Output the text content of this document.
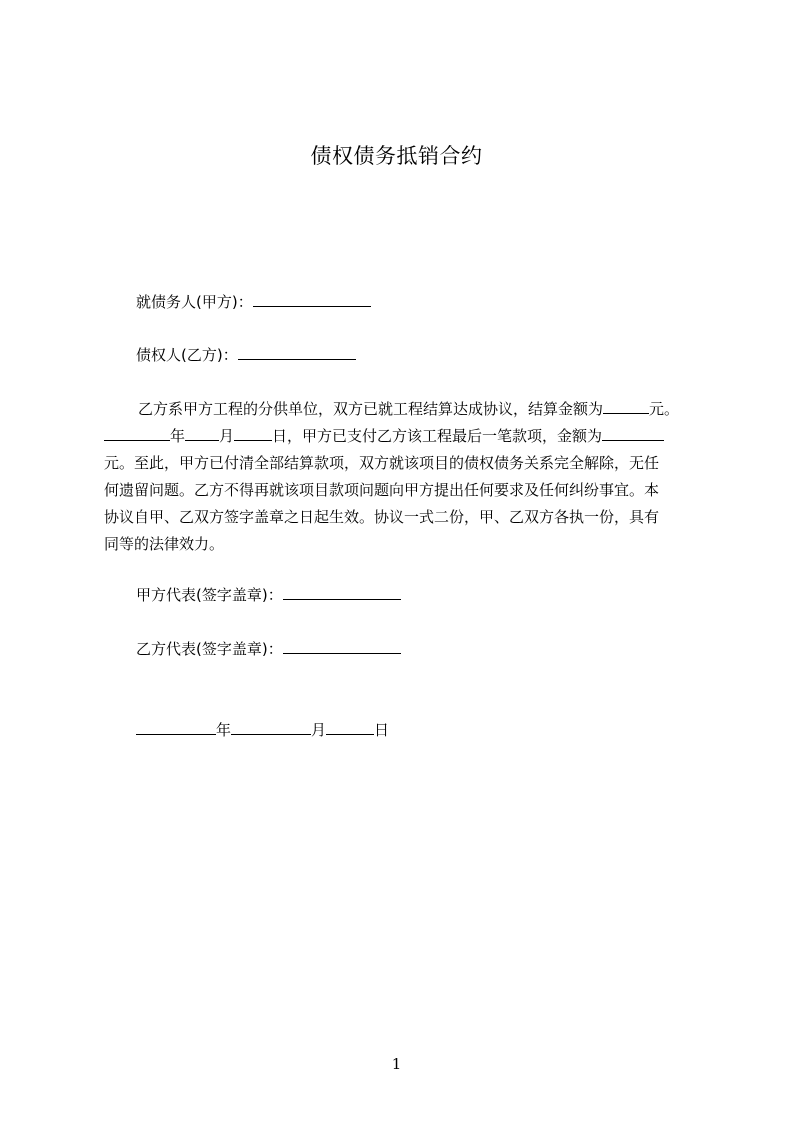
债权债务抵销合约
就债务人(甲方)：
债权人(乙方)：
乙方系甲方工程的分供单位，双方已就工程结算达成协议，结算金额为	元。
年 月	日，甲方已支付乙方该工程最后一笔款项，金额为
元。至此，甲方已付清全部结算款项，双方就该项目的债权债务关系完全解除，无任
何遗留问题。乙方不得再就该项目款项问题向甲方提出任何要求及任何纠纷事宜。本
协议自甲、乙双方签字盖章之日起生效。协议一式二份，甲、乙双方各执一份，具有
同等的法律效力。
甲方代表(签字盖章)：
乙方代表(签字盖章)：
年	月	日
1
